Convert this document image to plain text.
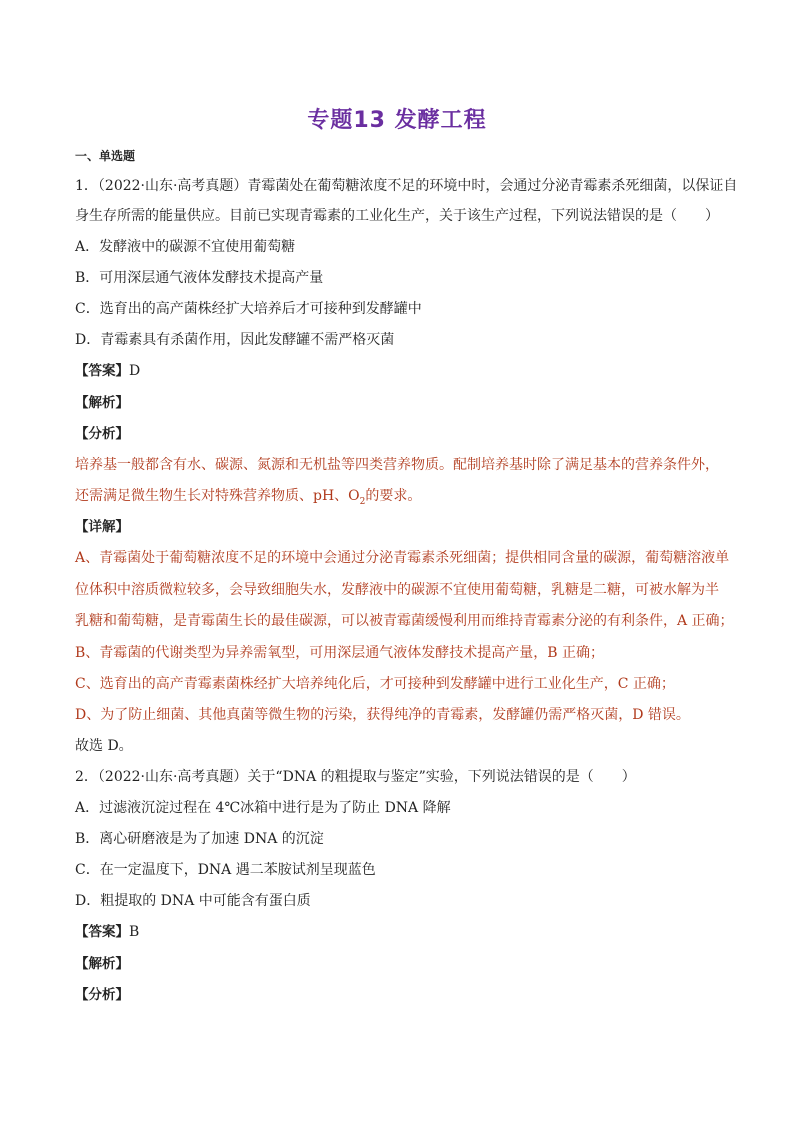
专题13 发酵工程
一、单选题
1．（2022·山东·高考真题）青霉菌处在葡萄糖浓度不足的环境中时，会通过分泌青霉素杀死细菌，以保证自
身生存所需的能量供应。目前已实现青霉素的工业化生产，关于该生产过程，下列说法错误的是（　　）
A．发酵液中的碳源不宜使用葡萄糖
B．可用深层通气液体发酵技术提高产量
C．选育出的高产菌株经扩大培养后才可接种到发酵罐中
D．青霉素具有杀菌作用，因此发酵罐不需严格灭菌
【答案】D
【解析】
【分析】
培养基一般都含有水、碳源、氮源和无机盐等四类营养物质。配制培养基时除了满足基本的营养条件外，
还需满足微生物生长对特殊营养物质、pH、$O_2$的要求。
【详解】
A、青霉菌处于葡萄糖浓度不足的环境中会通过分泌青霉素杀死细菌；提供相同含量的碳源，葡萄糖溶液单
位体积中溶质微粒较多，会导致细胞失水，发酵液中的碳源不宜使用葡萄糖，乳糖是二糖，可被水解为半
乳糖和葡萄糖，是青霉菌生长的最佳碳源，可以被青霉菌缓慢利用而维持青霉素分泌的有利条件，A 正确；
B、青霉菌的代谢类型为异养需氧型，可用深层通气液体发酵技术提高产量，B 正确；
C、选育出的高产青霉素菌株经扩大培养纯化后，才可接种到发酵罐中进行工业化生产，C 正确；
D、为了防止细菌、其他真菌等微生物的污染，获得纯净的青霉素，发酵罐仍需严格灭菌，D 错误。
故选 D。
2．（2022·山东·高考真题）关于“DNA 的粗提取与鉴定”实验，下列说法错误的是（　　）
A．过滤液沉淀过程在 4℃冰箱中进行是为了防止 DNA 降解
B．离心研磨液是为了加速 DNA 的沉淀
C．在一定温度下，DNA 遇二苯胺试剂呈现蓝色
D．粗提取的 DNA 中可能含有蛋白质
【答案】B
【解析】
【分析】
